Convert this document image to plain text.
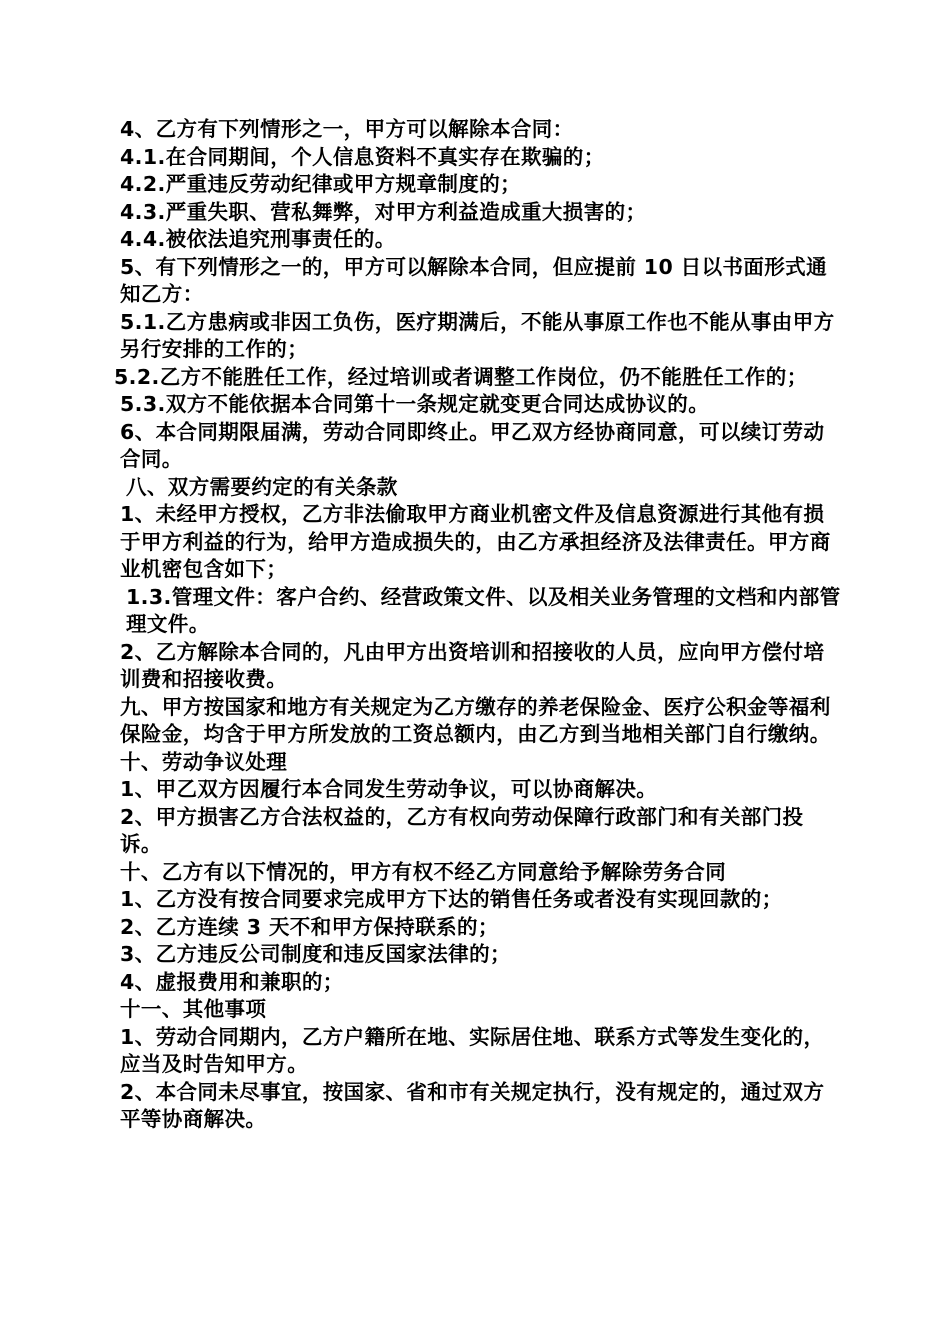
4、乙方有下列情形之一，甲方可以解除本合同：

4.1.在合同期间，个人信息资料不真实存在欺骗的；

4.2.严重违反劳动纪律或甲方规章制度的；

4.3.严重失职、营私舞弊，对甲方利益造成重大损害的；

4.4.被依法追究刑事责任的。

5、有下列情形之一的，甲方可以解除本合同，但应提前 10 日以书面形式通知乙方：

5.1.乙方患病或非因工负伤，医疗期满后，不能从事原工作也不能从事由甲方另行安排的工作的；

5.2.乙方不能胜任工作，经过培训或者调整工作岗位，仍不能胜任工作的；

5.3.双方不能依据本合同第十一条规定就变更合同达成协议的。

6、本合同期限届满，劳动合同即终止。甲乙双方经协商同意，可以续订劳动合同。

八、双方需要约定的有关条款

1、未经甲方授权，乙方非法偷取甲方商业机密文件及信息资源进行其他有损于甲方利益的行为，给甲方造成损失的，由乙方承担经济及法律责任。甲方商业机密包含如下；

1.3.管理文件：客户合约、经营政策文件、以及相关业务管理的文档和内部管理文件。

2、乙方解除本合同的，凡由甲方出资培训和招接收的人员，应向甲方偿付培训费和招接收费。

九、甲方按国家和地方有关规定为乙方缴存的养老保险金、医疗公积金等福利保险金，均含于甲方所发放的工资总额内，由乙方到当地相关部门自行缴纳。

十、劳动争议处理

1、甲乙双方因履行本合同发生劳动争议，可以协商解决。

2、甲方损害乙方合法权益的，乙方有权向劳动保障行政部门和有关部门投诉。

十、乙方有以下情况的，甲方有权不经乙方同意给予解除劳务合同

1、乙方没有按合同要求完成甲方下达的销售任务或者没有实现回款的；

2、乙方连续 3 天不和甲方保持联系的；

3、乙方违反公司制度和违反国家法律的；

4、虚报费用和兼职的；

十一、其他事项

1、劳动合同期内，乙方户籍所在地、实际居住地、联系方式等发生变化的，应当及时告知甲方。

2、本合同未尽事宜，按国家、省和市有关规定执行，没有规定的，通过双方平等协商解决。
